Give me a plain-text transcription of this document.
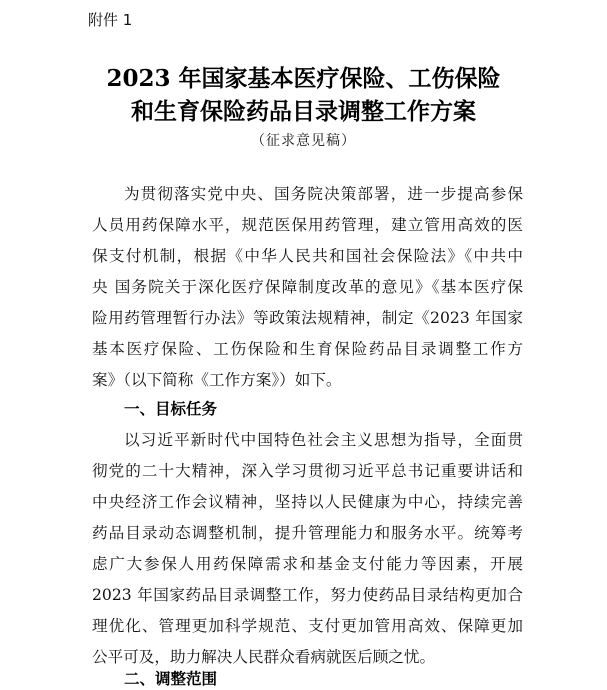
附件 1
2023 年国家基本医疗保险、工伤保险
和生育保险药品目录调整工作方案
（征求意见稿）
为贯彻落实党中央、国务院决策部署，进一步提高参保
人员用药保障水平，规范医保用药管理，建立管用高效的医
保支付机制，根据《中华人民共和国社会保险法》《中共中
央 国务院关于深化医疗保障制度改革的意见》《基本医疗保
险用药管理暂行办法》等政策法规精神，制定《2023 年国家
基本医疗保险、工伤保险和生育保险药品目录调整工作方
案》（以下简称《工作方案》）如下。
一、目标任务
以习近平新时代中国特色社会主义思想为指导，全面贯
彻党的二十大精神，深入学习贯彻习近平总书记重要讲话和
中央经济工作会议精神，坚持以人民健康为中心，持续完善
药品目录动态调整机制，提升管理能力和服务水平。统筹考
虑广大参保人用药保障需求和基金支付能力等因素，开展
2023 年国家药品目录调整工作，努力使药品目录结构更加合
理优化、管理更加科学规范、支付更加管用高效、保障更加
公平可及，助力解决人民群众看病就医后顾之忧。
二、调整范围
